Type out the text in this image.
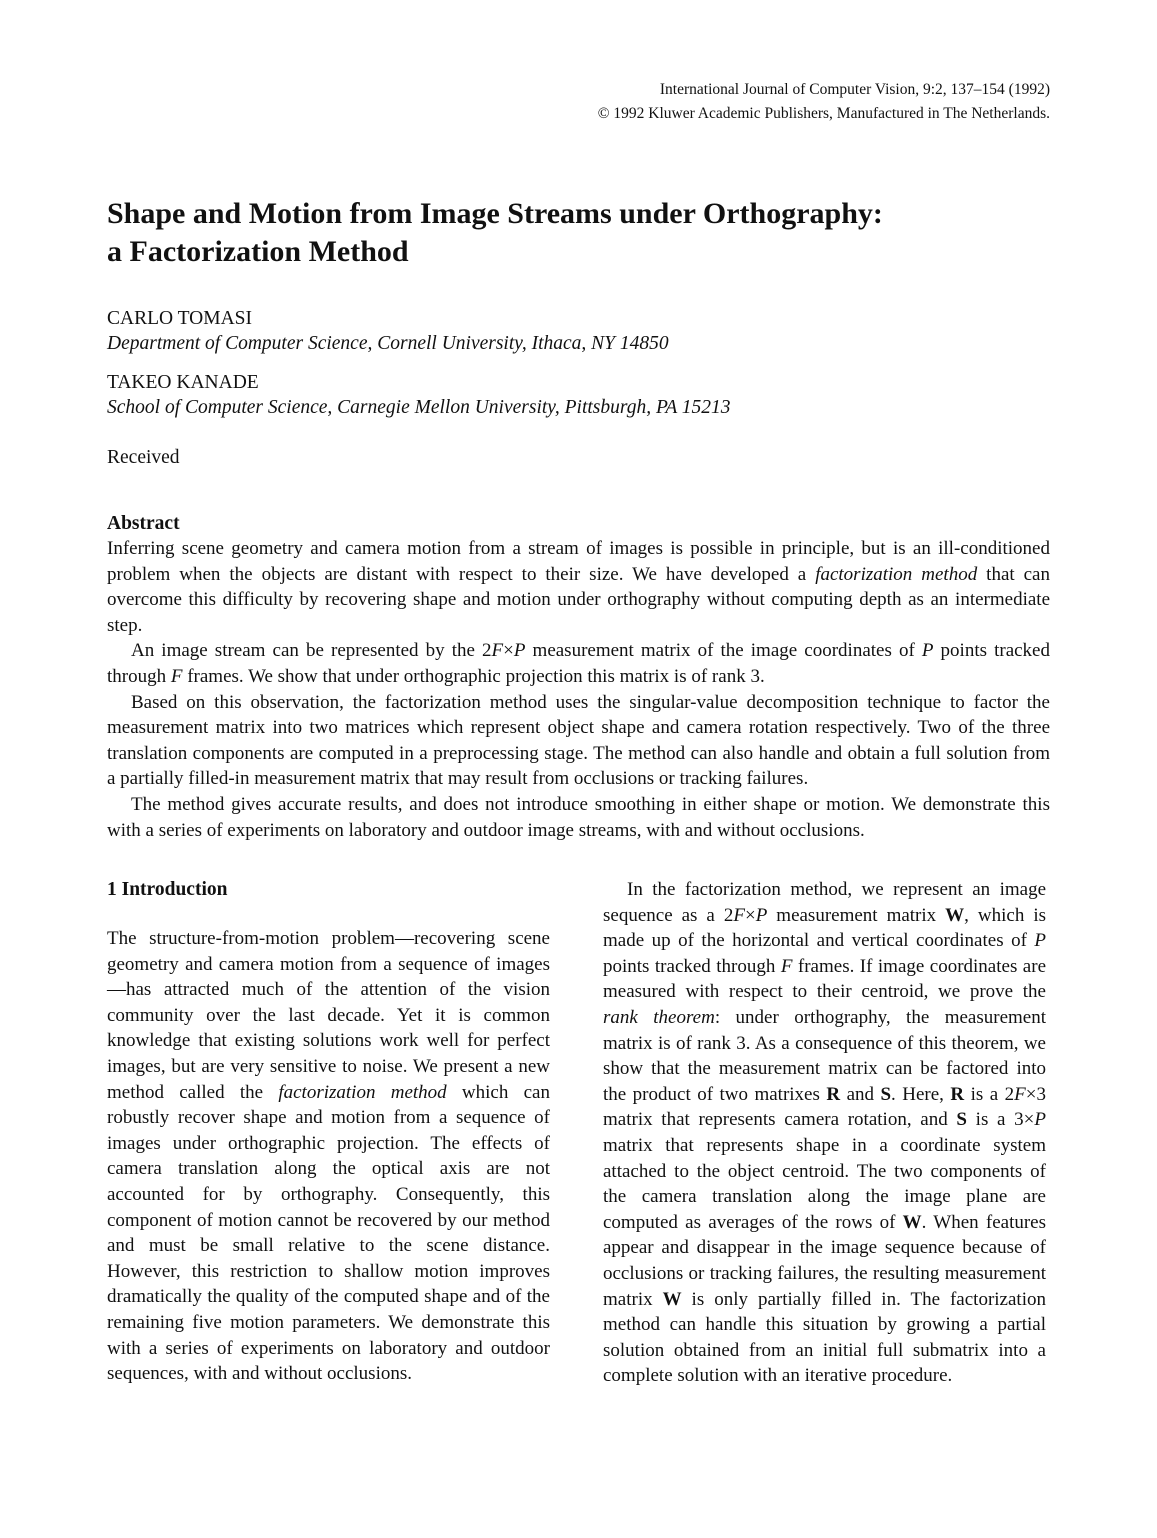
International Journal of Computer Vision, 9:2, 137–154 (1992)
© 1992 Kluwer Academic Publishers, Manufactured in The Netherlands.
Shape and Motion from Image Streams under Orthography:
a Factorization Method
CARLO TOMASI
Department of Computer Science, Cornell University, Ithaca, NY 14850
TAKEO KANADE
School of Computer Science, Carnegie Mellon University, Pittsburgh, PA 15213
Received
Abstract

Inferring scene geometry and camera motion from a stream of images is possible in principle, but is an ill-conditioned problem when the objects are distant with respect to their size. We have developed a factorization method that can overcome this difficulty by recovering shape and motion under orthography without computing depth as an intermediate step.

An image stream can be represented by the 2F×P measurement matrix of the image coordinates of P points tracked through F frames. We show that under orthographic projection this matrix is of rank 3.

Based on this observation, the factorization method uses the singular-value decomposition technique to factor the measurement matrix into two matrices which represent object shape and camera rotation respectively. Two of the three translation components are computed in a preprocessing stage. The method can also handle and obtain a full solution from a partially filled-in measurement matrix that may result from occlusions or tracking failures.

The method gives accurate results, and does not introduce smoothing in either shape or motion. We demonstrate this with a series of experiments on laboratory and outdoor image streams, with and without occlusions.

1 Introduction

The structure-from-motion problem—recovering scene geometry and camera motion from a sequence of images—has attracted much of the attention of the vision community over the last decade. Yet it is common knowledge that existing solutions work well for perfect images, but are very sensitive to noise. We present a new method called the factorization method which can robustly recover shape and motion from a sequence of images under orthographic projection. The effects of camera translation along the optical axis are not accounted for by orthography. Consequently, this component of motion cannot be recovered by our method and must be small relative to the scene distance. However, this restriction to shallow motion improves dramatically the quality of the computed shape and of the remaining five motion parameters. We demonstrate this with a series of experiments on laboratory and outdoor sequences, with and without occlusions.

In the factorization method, we represent an image sequence as a 2F×P measurement matrix W, which is made up of the horizontal and vertical coordinates of P points tracked through F frames. If image coordinates are measured with respect to their centroid, we prove the rank theorem: under orthography, the measurement matrix is of rank 3. As a consequence of this theorem, we show that the measurement matrix can be factored into the product of two matrixes R and S. Here, R is a 2F×3 matrix that represents camera rotation, and S is a 3×P matrix that represents shape in a coordinate system attached to the object centroid. The two components of the camera translation along the image plane are computed as averages of the rows of W. When features appear and disappear in the image sequence because of occlusions or tracking failures, the resulting measurement matrix W is only partially filled in. The factorization method can handle this situation by growing a partial solution obtained from an initial full submatrix into a complete solution with an iterative procedure.
